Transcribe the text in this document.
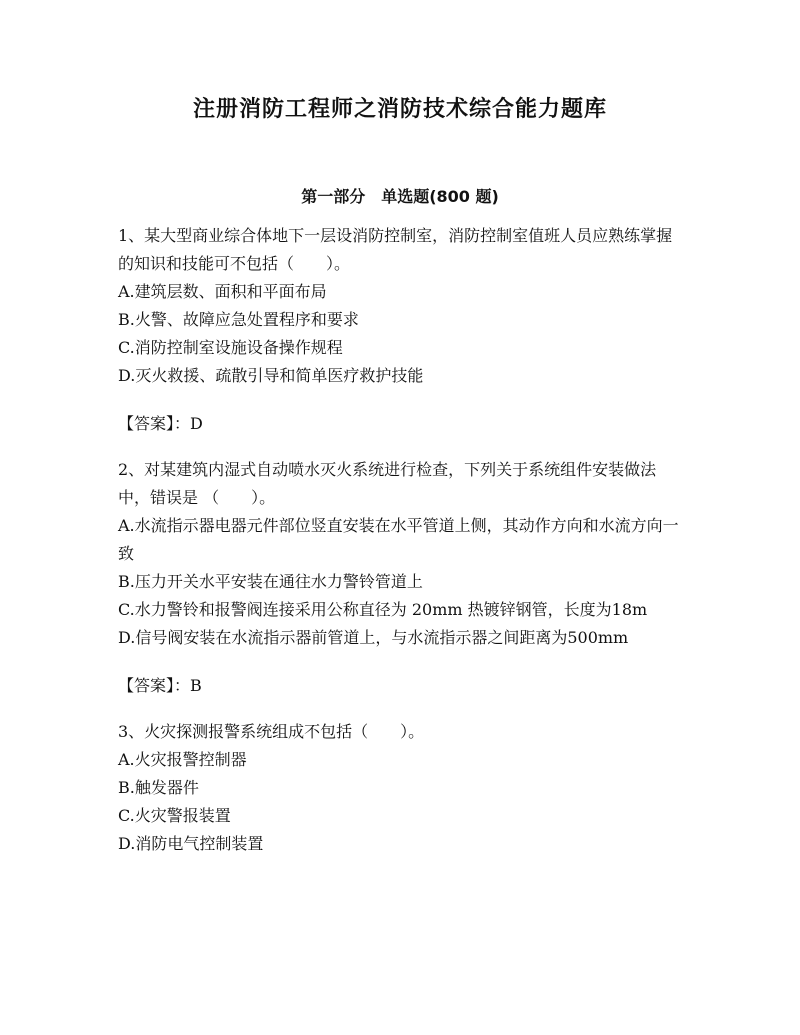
注册消防工程师之消防技术综合能力题库
第一部分　单选题(800 题)

1、某大型商业综合体地下一层设消防控制室，消防控制室值班人员应熟练掌握的知识和技能可不包括（　　）。

A.建筑层数、面积和平面布局

B.火警、故障应急处置程序和要求

C.消防控制室设施设备操作规程

D.灭火救援、疏散引导和简单医疗救护技能

【答案】：D

2、对某建筑内湿式自动喷水灭火系统进行检查，下列关于系统组件安装做法中，错误是 （　　）。

A.水流指示器电器元件部位竖直安装在水平管道上侧，其动作方向和水流方向一致

B.压力开关水平安装在通往水力警铃管道上

C.水力警铃和报警阀连接采用公称直径为 20mm 热镀锌钢管，长度为18m

D.信号阀安装在水流指示器前管道上，与水流指示器之间距离为500mm

【答案】：B

3、火灾探测报警系统组成不包括（　　）。

A.火灾报警控制器

B.触发器件

C.火灾警报装置

D.消防电气控制装置
